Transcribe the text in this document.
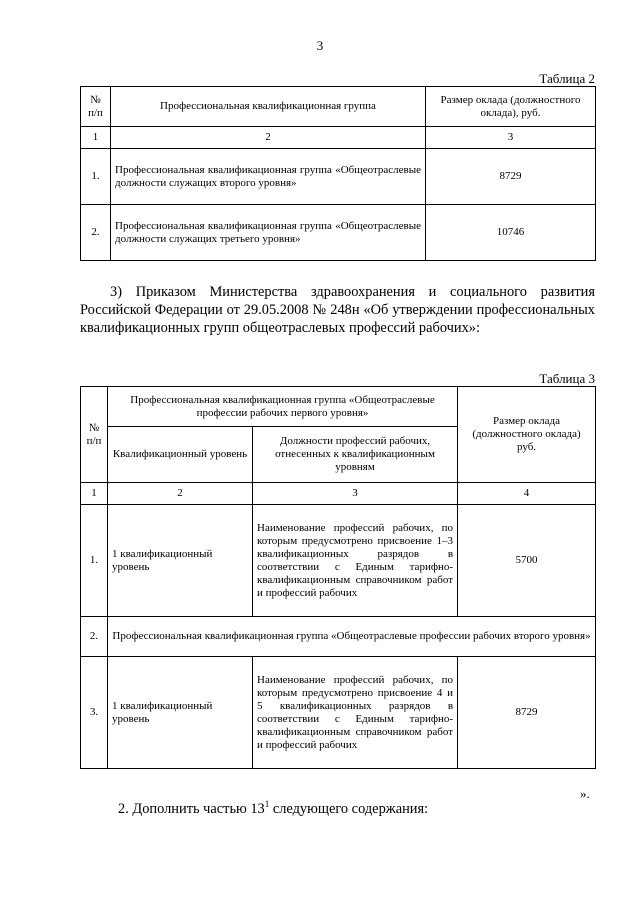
3
Таблица 2
№ п/п	Профессиональная квалификационная группа	Размер оклада (должностного оклада), руб.
1	2	3
1.	Профессиональная квалификационная группа «Общеотраслевые должности служащих второго уровня»	8729
2.	Профессиональная квалификационная группа «Общеотраслевые должности служащих третьего уровня»	10746
3) Приказом Министерства здравоохранения и социального развития Российской Федерации от 29.05.2008 № 248н «Об утверждении профессиональных квалификационных групп общеотраслевых профессий рабочих»:
Таблица 3
№ п/п	Профессиональная квалификационная группа «Общеотраслевые профессии рабочих первого уровня»		Размер оклада (должностного оклада) руб.
	Квалификационный уровень	Должности профессий рабочих, отнесенных к квалификационным уровням	
1	2	3	4
1.	1 квалификационный уровень	Наименование профессий рабочих, по которым предусмотрено присвоение 1–3 квалификационных разрядов в соответствии с Единым тарифно-квалификационным справочником работ и профессий рабочих	5700
2.	Профессиональная квалификационная группа «Общеотраслевые профессии рабочих второго уровня»		
3.	1 квалификационный уровень	Наименование профессий рабочих, по которым предусмотрено присвоение 4 и 5 квалификационных разрядов в соответствии с Единым тарифно-квалификационным справочником работ и профессий рабочих	8729
».
2. Дополнить частью $13^1$ следующего содержания:
